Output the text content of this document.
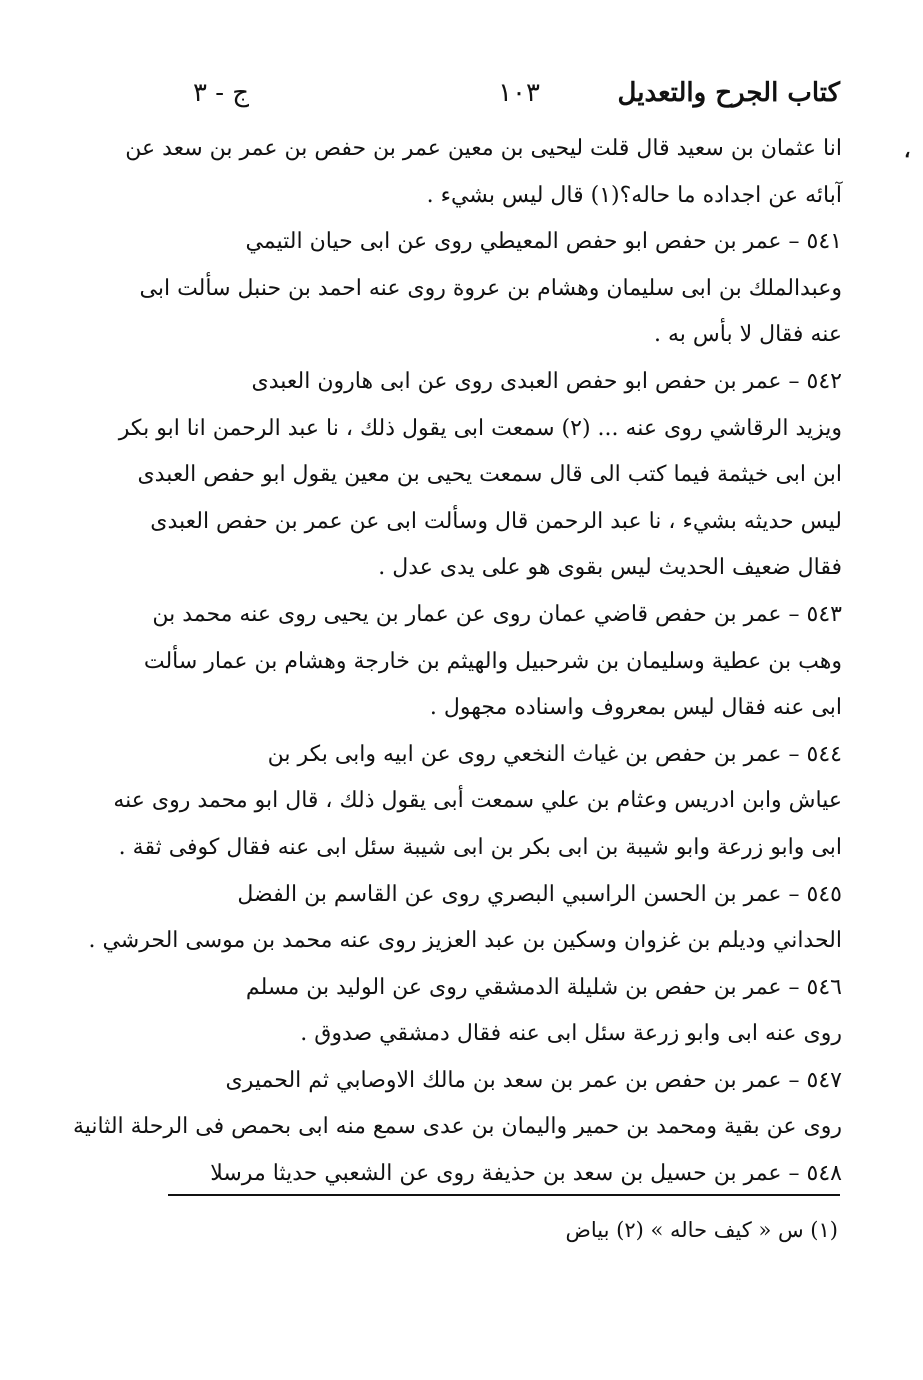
كتاب الجرح والتعديل
١٠٣
ج - ٣
،
انا عثمان بن سعيد قال قلت ليحيى بن معين عمر بن حفص بن عمر بن سعد عن
آبائه عن اجداده ما حاله؟(١) قال ليس بشيء .
٥٤١ – عمر بن حفص ابو حفص المعيطي روى عن ابى حيان التيمي
وعبدالملك بن ابى سليمان وهشام بن عروة روى عنه احمد بن حنبل سألت ابى
عنه فقال لا بأس به .
٥٤٢ – عمر بن حفص ابو حفص العبدى روى عن ابى هارون العبدى
ويزيد الرقاشي روى عنه ... (٢) سمعت ابى يقول ذلك ، نا عبد الرحمن انا ابو بكر
ابن ابى خيثمة فيما كتب الى قال سمعت يحيى بن معين يقول ابو حفص العبدى
ليس حديثه بشيء ، نا عبد الرحمن قال وسألت ابى عن عمر بن حفص العبدى
فقال ضعيف الحديث ليس بقوى هو على يدى عدل .
٥٤٣ – عمر بن حفص قاضي عمان روى عن عمار بن يحيى روى عنه محمد بن
وهب بن عطية وسليمان بن شرحبيل والهيثم بن خارجة وهشام بن عمار سألت
ابى عنه فقال ليس بمعروف واسناده مجهول .
٥٤٤ – عمر بن حفص بن غياث النخعي روى عن ابيه وابى بكر بن
عياش وابن ادريس وعثام بن علي سمعت أبى يقول ذلك ، قال ابو محمد روى عنه
ابى وابو زرعة وابو شيبة بن ابى بكر بن ابى شيبة سئل ابى عنه فقال كوفى ثقة .
٥٤٥ – عمر بن الحسن الراسبي البصري روى عن القاسم بن الفضل
الحداني ودیلم بن غزوان وسكين بن عبد العزيز روى عنه محمد بن موسى الحرشي .
٥٤٦ – عمر بن حفص بن شليلة الدمشقي روى عن الوليد بن مسلم
روى عنه ابى وابو زرعة سئل ابى عنه فقال دمشقي صدوق .
٥٤٧ – عمر بن حفص بن عمر بن سعد بن مالك الاوصابي ثم الحميرى
روى عن بقية ومحمد بن حمير واليمان بن عدى سمع منه ابى بحمص فى الرحلة الثانية
٥٤٨ – عمر بن حسيل بن سعد بن حذيفة روى عن الشعبي حديثا مرسلا
(١) س « كيف حاله » (٢) بياض
